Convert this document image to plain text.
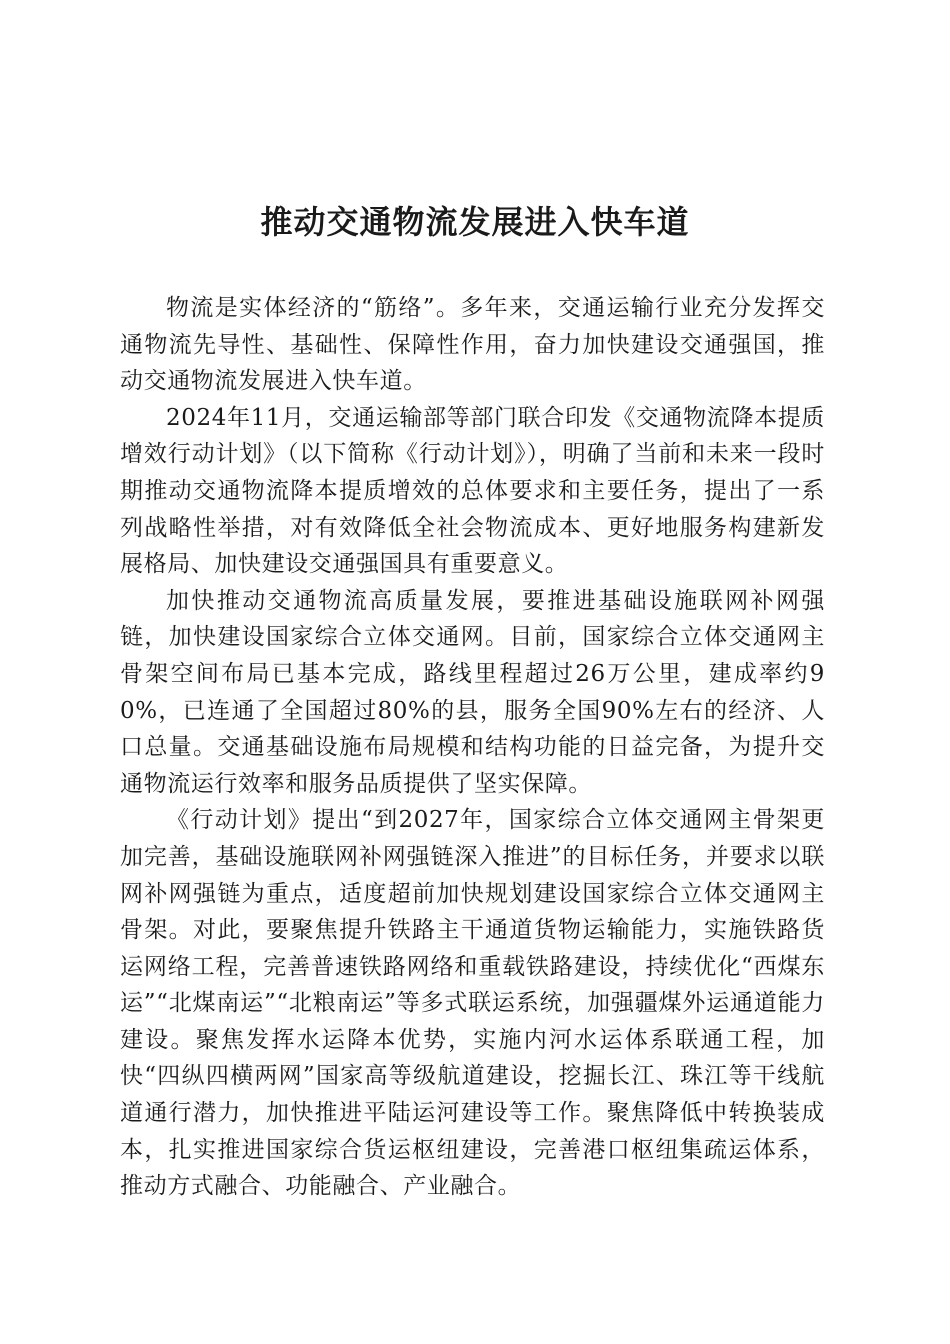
推动交通物流发展进入快车道

物流是实体经济的“筋络”。多年来，交通运输行业充分发挥交通物流先导性、基础性、保障性作用，奋力加快建设交通强国，推动交通物流发展进入快车道。

2024年11月，交通运输部等部门联合印发《交通物流降本提质增效行动计划》（以下简称《行动计划》），明确了当前和未来一段时期推动交通物流降本提质增效的总体要求和主要任务，提出了一系列战略性举措，对有效降低全社会物流成本、更好地服务构建新发展格局、加快建设交通强国具有重要意义。

加快推动交通物流高质量发展，要推进基础设施联网补网强链，加快建设国家综合立体交通网。目前，国家综合立体交通网主骨架空间布局已基本完成，路线里程超过26万公里，建成率约90%，已连通了全国超过80%的县，服务全国90%左右的经济、人口总量。交通基础设施布局规模和结构功能的日益完备，为提升交通物流运行效率和服务品质提供了坚实保障。

《行动计划》提出“到2027年，国家综合立体交通网主骨架更加完善，基础设施联网补网强链深入推进”的目标任务，并要求以联网补网强链为重点，适度超前加快规划建设国家综合立体交通网主骨架。对此，要聚焦提升铁路主干通道货物运输能力，实施铁路货运网络工程，完善普速铁路网络和重载铁路建设，持续优化“西煤东运”“北煤南运”“北粮南运”等多式联运系统，加强疆煤外运通道能力建设。聚焦发挥水运降本优势，实施内河水运体系联通工程，加快“四纵四横两网”国家高等级航道建设，挖掘长江、珠江等干线航道通行潜力，加快推进平陆运河建设等工作。聚焦降低中转换装成本，扎实推进国家综合货运枢纽建设，完善港口枢纽集疏运体系，推动方式融合、功能融合、产业融合。
